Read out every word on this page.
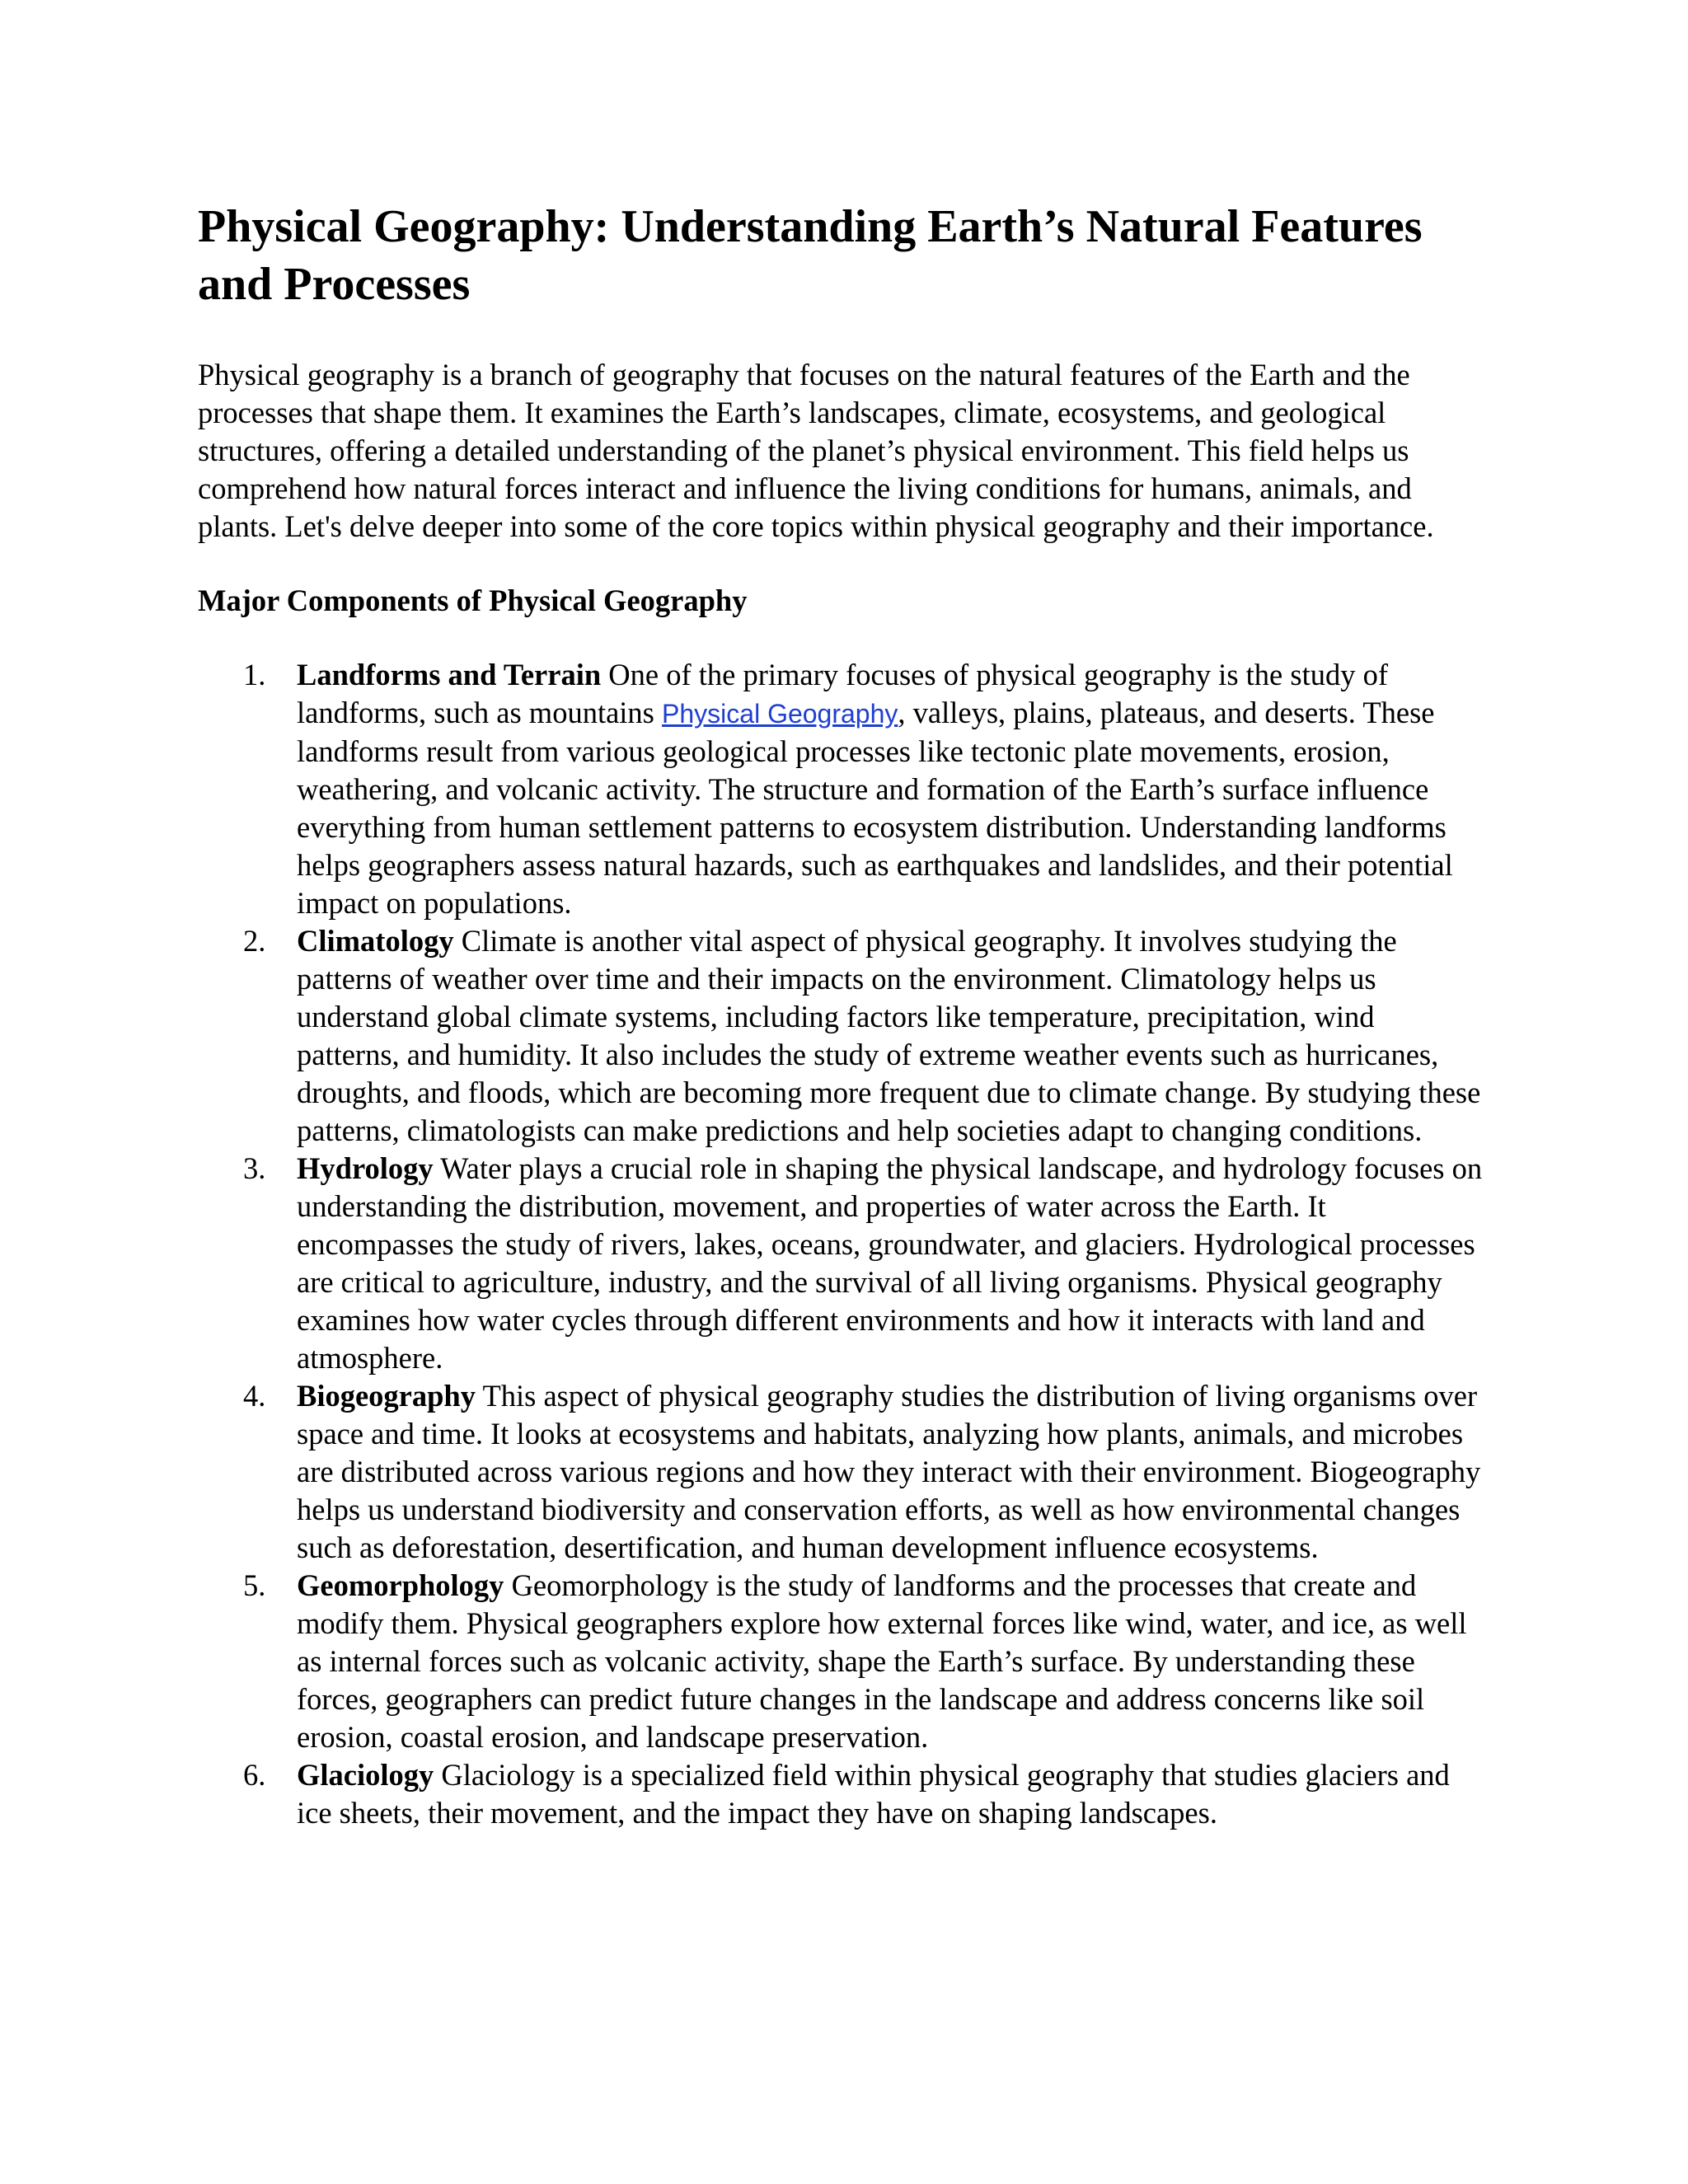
Physical Geography: Understanding Earth’s Natural Features and Processes

Physical geography is a branch of geography that focuses on the natural features of the Earth and the processes that shape them. It examines the Earth’s landscapes, climate, ecosystems, and geological structures, offering a detailed understanding of the planet’s physical environment. This field helps us comprehend how natural forces interact and influence the living conditions for humans, animals, and plants. Let's delve deeper into some of the core topics within physical geography and their importance.

Major Components of Physical Geography

1. Landforms and Terrain One of the primary focuses of physical geography is the study of landforms, such as mountains Physical Geography, valleys, plains, plateaus, and deserts. These landforms result from various geological processes like tectonic plate movements, erosion, weathering, and volcanic activity. The structure and formation of the Earth’s surface influence everything from human settlement patterns to ecosystem distribution. Understanding landforms helps geographers assess natural hazards, such as earthquakes and landslides, and their potential impact on populations.
2. Climatology Climate is another vital aspect of physical geography. It involves studying the patterns of weather over time and their impacts on the environment. Climatology helps us understand global climate systems, including factors like temperature, precipitation, wind patterns, and humidity. It also includes the study of extreme weather events such as hurricanes, droughts, and floods, which are becoming more frequent due to climate change. By studying these patterns, climatologists can make predictions and help societies adapt to changing conditions.
3. Hydrology Water plays a crucial role in shaping the physical landscape, and hydrology focuses on understanding the distribution, movement, and properties of water across the Earth. It encompasses the study of rivers, lakes, oceans, groundwater, and glaciers. Hydrological processes are critical to agriculture, industry, and the survival of all living organisms. Physical geography examines how water cycles through different environments and how it interacts with land and atmosphere.
4. Biogeography This aspect of physical geography studies the distribution of living organisms over space and time. It looks at ecosystems and habitats, analyzing how plants, animals, and microbes are distributed across various regions and how they interact with their environment. Biogeography helps us understand biodiversity and conservation efforts, as well as how environmental changes such as deforestation, desertification, and human development influence ecosystems.
5. Geomorphology Geomorphology is the study of landforms and the processes that create and modify them. Physical geographers explore how external forces like wind, water, and ice, as well as internal forces such as volcanic activity, shape the Earth’s surface. By understanding these forces, geographers can predict future changes in the landscape and address concerns like soil erosion, coastal erosion, and landscape preservation.
6. Glaciology Glaciology is a specialized field within physical geography that studies glaciers and ice sheets, their movement, and the impact they have on shaping landscapes.
